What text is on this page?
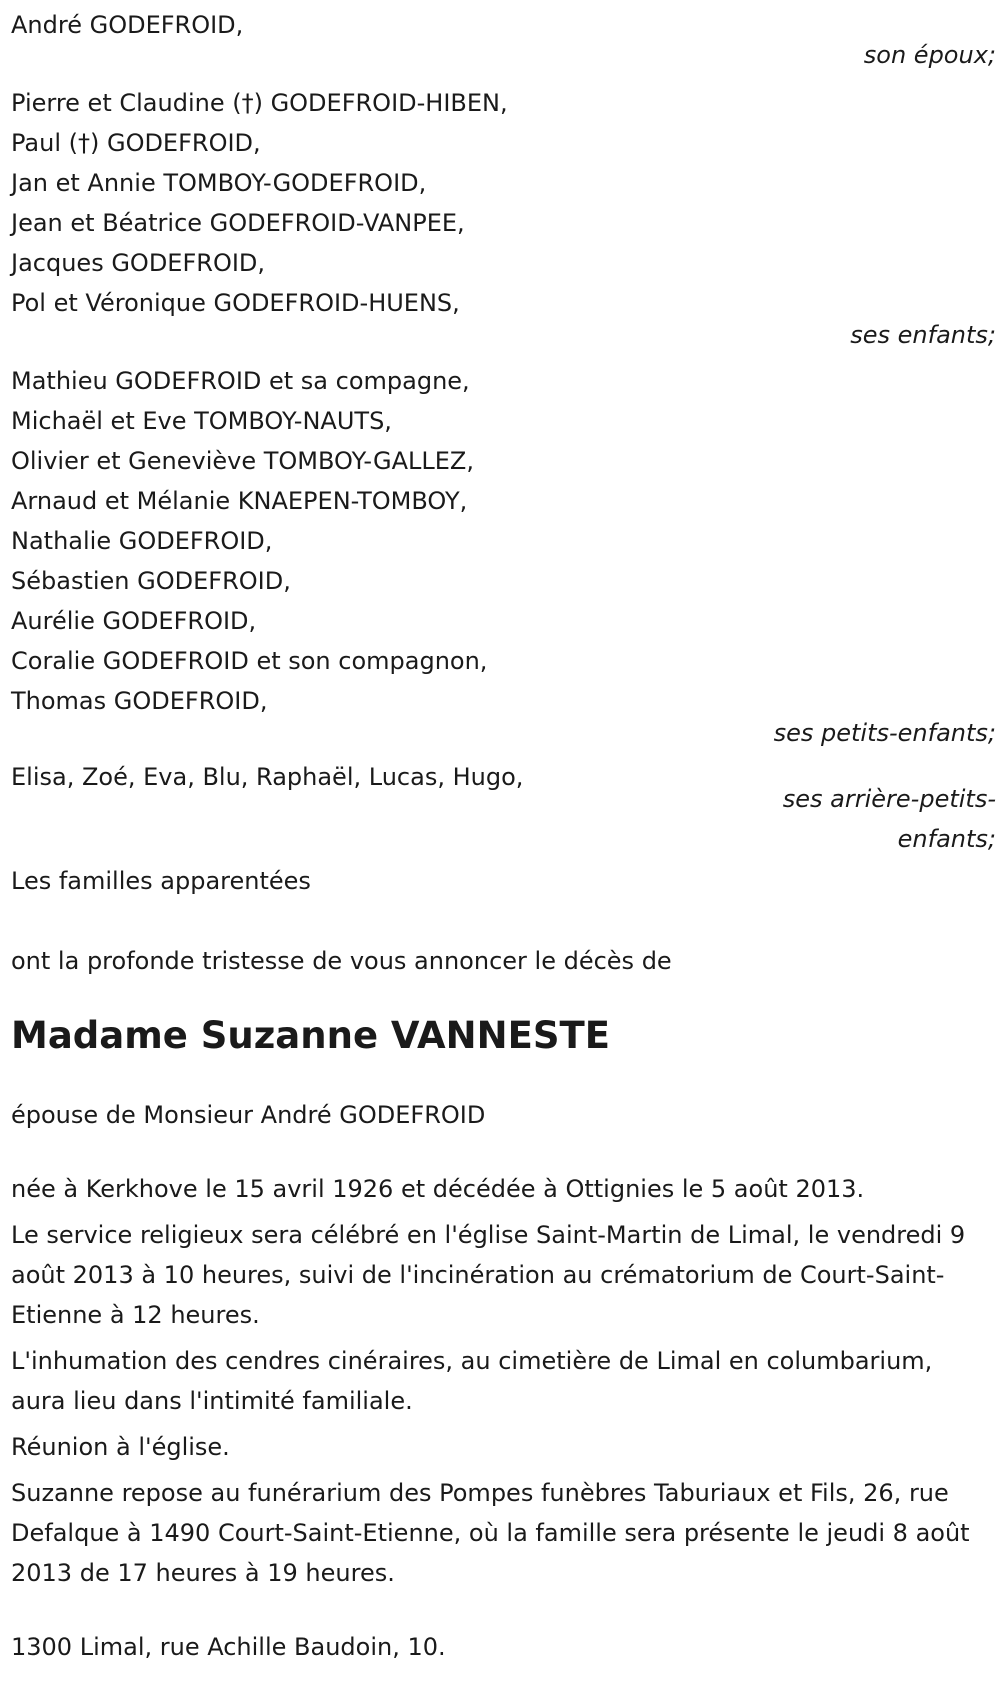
André GODEFROID,
son époux;
Pierre et Claudine (†) GODEFROID-HIBEN,
Paul (†) GODEFROID,
Jan et Annie TOMBOY-GODEFROID,
Jean et Béatrice GODEFROID-VANPEE,
Jacques GODEFROID,
Pol et Véronique GODEFROID-HUENS,
ses enfants;
Mathieu GODEFROID et sa compagne,
Michaël et Eve TOMBOY-NAUTS,
Olivier et Geneviève TOMBOY-GALLEZ,
Arnaud et Mélanie KNAEPEN-TOMBOY,
Nathalie GODEFROID,
Sébastien GODEFROID,
Aurélie GODEFROID,
Coralie GODEFROID et son compagnon,
Thomas GODEFROID,
ses petits-enfants;
Elisa, Zoé, Eva, Blu, Raphaël, Lucas, Hugo,
ses arrière-petits-
enfants;
Les familles apparentées
ont la profonde tristesse de vous annoncer le décès de
Madame Suzanne VANNESTE
épouse de Monsieur André GODEFROID
née à Kerkhove le 15 avril 1926 et décédée à Ottignies le 5 août 2013.
Le service religieux sera célébré en l'église Saint-Martin de Limal, le vendredi 9 août 2013 à 10 heures, suivi de l'incinération au crématorium de Court-Saint-Etienne à 12 heures.
L'inhumation des cendres cinéraires, au cimetière de Limal en columbarium, aura lieu dans l'intimité familiale.
Réunion à l'église.
Suzanne repose au funérarium des Pompes funèbres Taburiaux et Fils, 26, rue Defalque à 1490 Court-Saint-Etienne, où la famille sera présente le jeudi 8 août 2013 de 17 heures à 19 heures.
1300 Limal, rue Achille Baudoin, 10.
